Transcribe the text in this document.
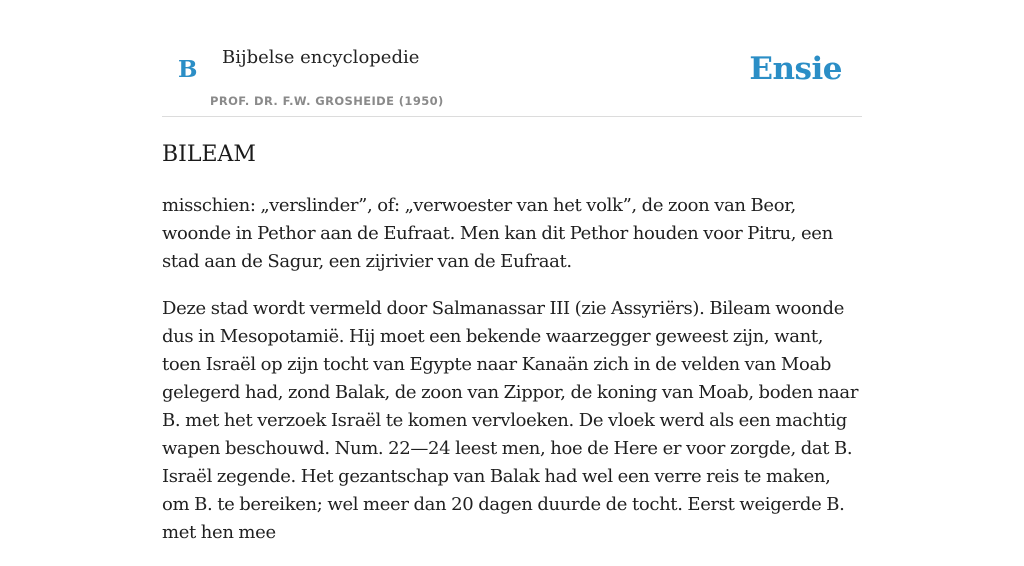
B Bijbelse encyclopedie
PROF. DR. F.W. GROSHEIDE (1950)
Ensie
BILEAM

misschien: „verslinder”, of: „verwoester van het volk”, de zoon van Beor, woonde in Pethor aan de Eufraat. Men kan dit Pethor houden voor Pitru, een stad aan de Sagur, een zijrivier van de Eufraat.

Deze stad wordt vermeld door Salmanassar III (zie Assyriërs). Bileam woonde dus in Mesopotamië. Hij moet een bekende waarzegger geweest zijn, want, toen Israël op zijn tocht van Egypte naar Kanaän zich in de velden van Moab gelegerd had, zond Balak, de zoon van Zippor, de koning van Moab, boden naar B. met het verzoek Israël te komen vervloeken. De vloek werd als een machtig wapen beschouwd. Num. 22—24 leest men, hoe de Here er voor zorgde, dat B. Israël zegende. Het gezantschap van Balak had wel een verre reis te maken, om B. te bereiken; wel meer dan 20 dagen duurde de tocht. Eerst weigerde B. met hen mee
